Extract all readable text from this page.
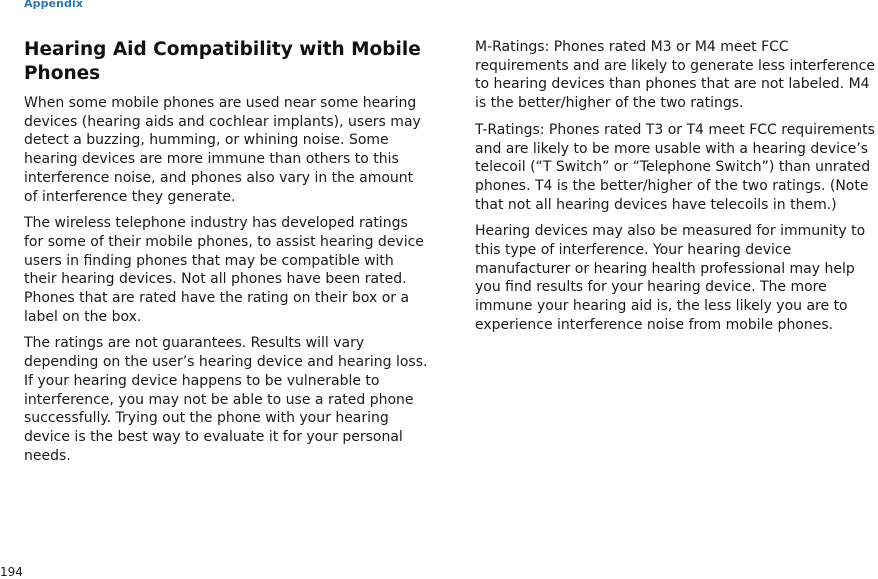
Appendix
Hearing Aid Compatibility with Mobile Phones

When some mobile phones are used near some hearing devices (hearing aids and cochlear implants), users may detect a buzzing, humming, or whining noise. Some hearing devices are more immune than others to this interference noise, and phones also vary in the amount of interference they generate.

The wireless telephone industry has developed ratings for some of their mobile phones, to assist hearing device users in finding phones that may be compatible with their hearing devices. Not all phones have been rated. Phones that are rated have the rating on their box or a label on the box.

The ratings are not guarantees. Results will vary depending on the user’s hearing device and hearing loss. If your hearing device happens to be vulnerable to interference, you may not be able to use a rated phone successfully. Trying out the phone with your hearing device is the best way to evaluate it for your personal needs.

M-Ratings: Phones rated M3 or M4 meet FCC requirements and are likely to generate less interference to hearing devices than phones that are not labeled. M4 is the better/higher of the two ratings.

T-Ratings: Phones rated T3 or T4 meet FCC requirements and are likely to be more usable with a hearing device’s telecoil (“T Switch” or “Telephone Switch”) than unrated phones. T4 is the better/higher of the two ratings. (Note that not all hearing devices have telecoils in them.)

Hearing devices may also be measured for immunity to this type of interference. Your hearing device manufacturer or hearing health professional may help you find results for your hearing device. The more immune your hearing aid is, the less likely you are to experience interference noise from mobile phones.

194
